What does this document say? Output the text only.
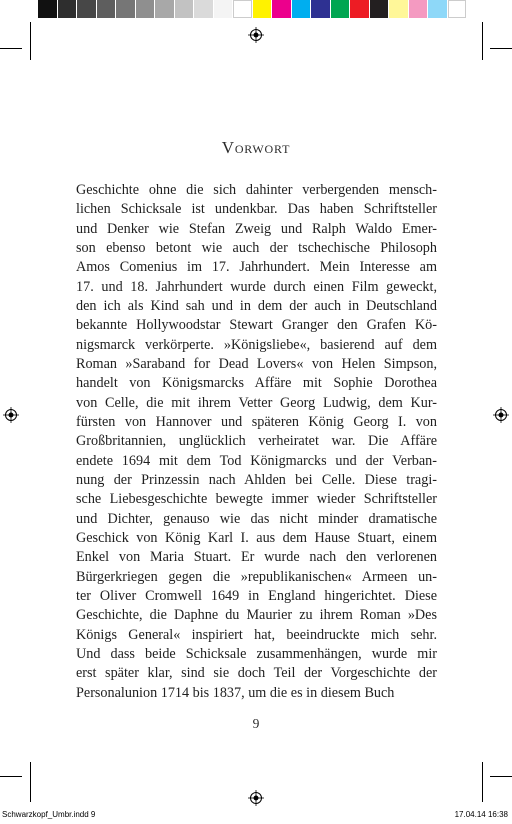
Vorwort
Geschichte ohne die sich dahinter verbergenden mensch-
lichen Schicksale ist undenkbar. Das haben Schriftsteller
und Denker wie Stefan Zweig und Ralph Waldo Emer-
son ebenso betont wie auch der tschechische Philosoph
Amos Comenius im 17. Jahrhundert. Mein Interesse am
17. und 18. Jahrhundert wurde durch einen Film geweckt,
den ich als Kind sah und in dem der auch in Deutschland
bekannte Hollywoodstar Stewart Granger den Grafen Kö-
nigsmarck verkörperte. »Königsliebe«, basierend auf dem
Roman »Saraband for Dead Lovers« von Helen Simpson,
handelt von Königsmarcks Affäre mit Sophie Dorothea
von Celle, die mit ihrem Vetter Georg Ludwig, dem Kur-
fürsten von Hannover und späteren König Georg I. von
Großbritannien, unglücklich verheiratet war. Die Affäre
endete 1694 mit dem Tod Königmarcks und der Verban-
nung der Prinzessin nach Ahlden bei Celle. Diese tragi-
sche Liebesgeschichte bewegte immer wieder Schriftsteller
und Dichter, genauso wie das nicht minder dramatische
Geschick von König Karl I. aus dem Hause Stuart, einem
Enkel von Maria Stuart. Er wurde nach den verlorenen
Bürgerkriegen gegen die »republikanischen« Armeen un-
ter Oliver Cromwell 1649 in England hingerichtet. Diese
Geschichte, die Daphne du Maurier zu ihrem Roman »Des
Königs General« inspiriert hat, beeindruckte mich sehr.
Und dass beide Schicksale zusammenhängen, wurde mir
erst später klar, sind sie doch Teil der Vorgeschichte der
Personalunion 1714 bis 1837, um die es in diesem Buch
9
Schwarzkopf_Umbr.indd 9	17.04.14 16:38
